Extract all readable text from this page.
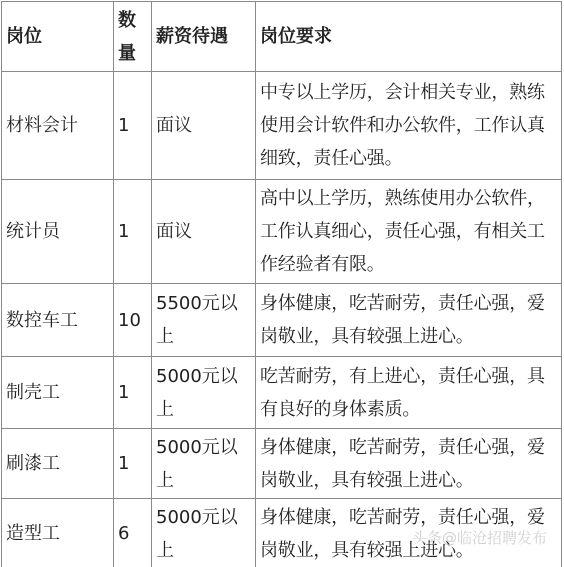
岗位	数量	薪资待遇	岗位要求
材料会计	1	面议	中专以上学历，会计相关专业，熟练使用会计软件和办公软件，工作认真细致，责任心强。
统计员	1	面议	高中以上学历，熟练使用办公软件，工作认真细心，责任心强，有相关工作经验者有限。
数控车工	10	5500元以上	身体健康，吃苦耐劳，责任心强，爱岗敬业，具有较强上进心。
制壳工	1	5000元以上	吃苦耐劳，有上进心，责任心强，具有良好的身体素质。
刷漆工	1	5000元以上	身体健康，吃苦耐劳，责任心强，爱岗敬业，具有较强上进心。
造型工	6	5000元以上	身体健康，吃苦耐劳，责任心强，爱岗敬业，具有较强上进心。
头条@临沧招聘发布
